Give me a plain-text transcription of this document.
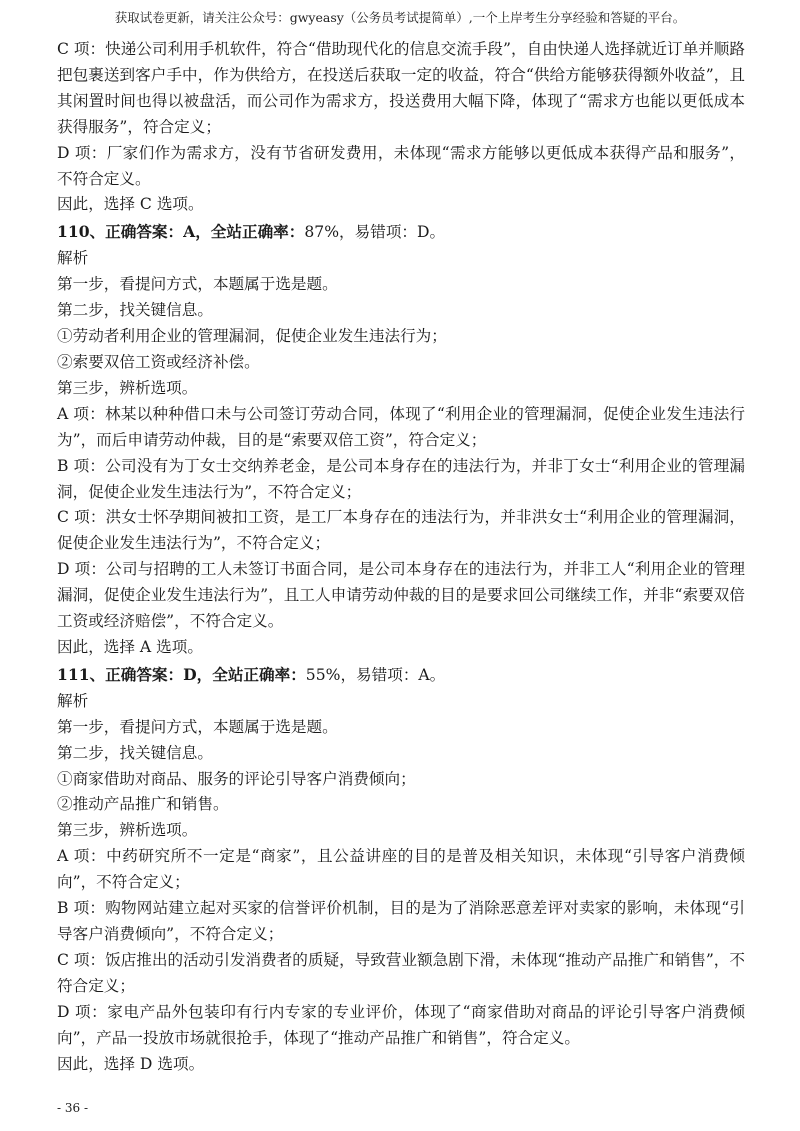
获取试卷更新，请关注公众号：gwyeasy（公务员考试提简单）,一个上岸考生分享经验和答疑的平台。

C 项：快递公司利用手机软件，符合“借助现代化的信息交流手段”，自由快递人选择就近订单并顺路把包裹送到客户手中，作为供给方，在投送后获取一定的收益，符合“供给方能够获得额外收益”，且其闲置时间也得以被盘活，而公司作为需求方，投送费用大幅下降，体现了“需求方也能以更低成本获得服务”，符合定义；

D 项：厂家们作为需求方，没有节省研发费用，未体现“需求方能够以更低成本获得产品和服务”，不符合定义。

因此，选择 C 选项。

110、正确答案：A，全站正确率：87%，易错项：D。

解析

第一步，看提问方式，本题属于选是题。

第二步，找关键信息。

①劳动者利用企业的管理漏洞，促使企业发生违法行为；

②索要双倍工资或经济补偿。

第三步，辨析选项。

A 项：林某以种种借口未与公司签订劳动合同，体现了“利用企业的管理漏洞，促使企业发生违法行为”，而后申请劳动仲裁，目的是“索要双倍工资”，符合定义；

B 项：公司没有为丁女士交纳养老金，是公司本身存在的违法行为，并非丁女士“利用企业的管理漏洞，促使企业发生违法行为”，不符合定义；

C 项：洪女士怀孕期间被扣工资，是工厂本身存在的违法行为，并非洪女士“利用企业的管理漏洞，促使企业发生违法行为”，不符合定义；

D 项：公司与招聘的工人未签订书面合同，是公司本身存在的违法行为，并非工人“利用企业的管理漏洞，促使企业发生违法行为”，且工人申请劳动仲裁的目的是要求回公司继续工作，并非“索要双倍工资或经济赔偿”，不符合定义。

因此，选择 A 选项。

111、正确答案：D，全站正确率：55%，易错项：A。

解析

第一步，看提问方式，本题属于选是题。

第二步，找关键信息。

①商家借助对商品、服务的评论引导客户消费倾向；

②推动产品推广和销售。

第三步，辨析选项。

A 项：中药研究所不一定是“商家”，且公益讲座的目的是普及相关知识，未体现“引导客户消费倾向”，不符合定义；

B 项：购物网站建立起对买家的信誉评价机制，目的是为了消除恶意差评对卖家的影响，未体现“引导客户消费倾向”，不符合定义；

C 项：饭店推出的活动引发消费者的质疑，导致营业额急剧下滑，未体现“推动产品推广和销售”，不符合定义；

D 项：家电产品外包装印有行内专家的专业评价，体现了“商家借助对商品的评论引导客户消费倾向”，产品一投放市场就很抢手，体现了“推动产品推广和销售”，符合定义。

因此，选择 D 选项。

- 36 -
